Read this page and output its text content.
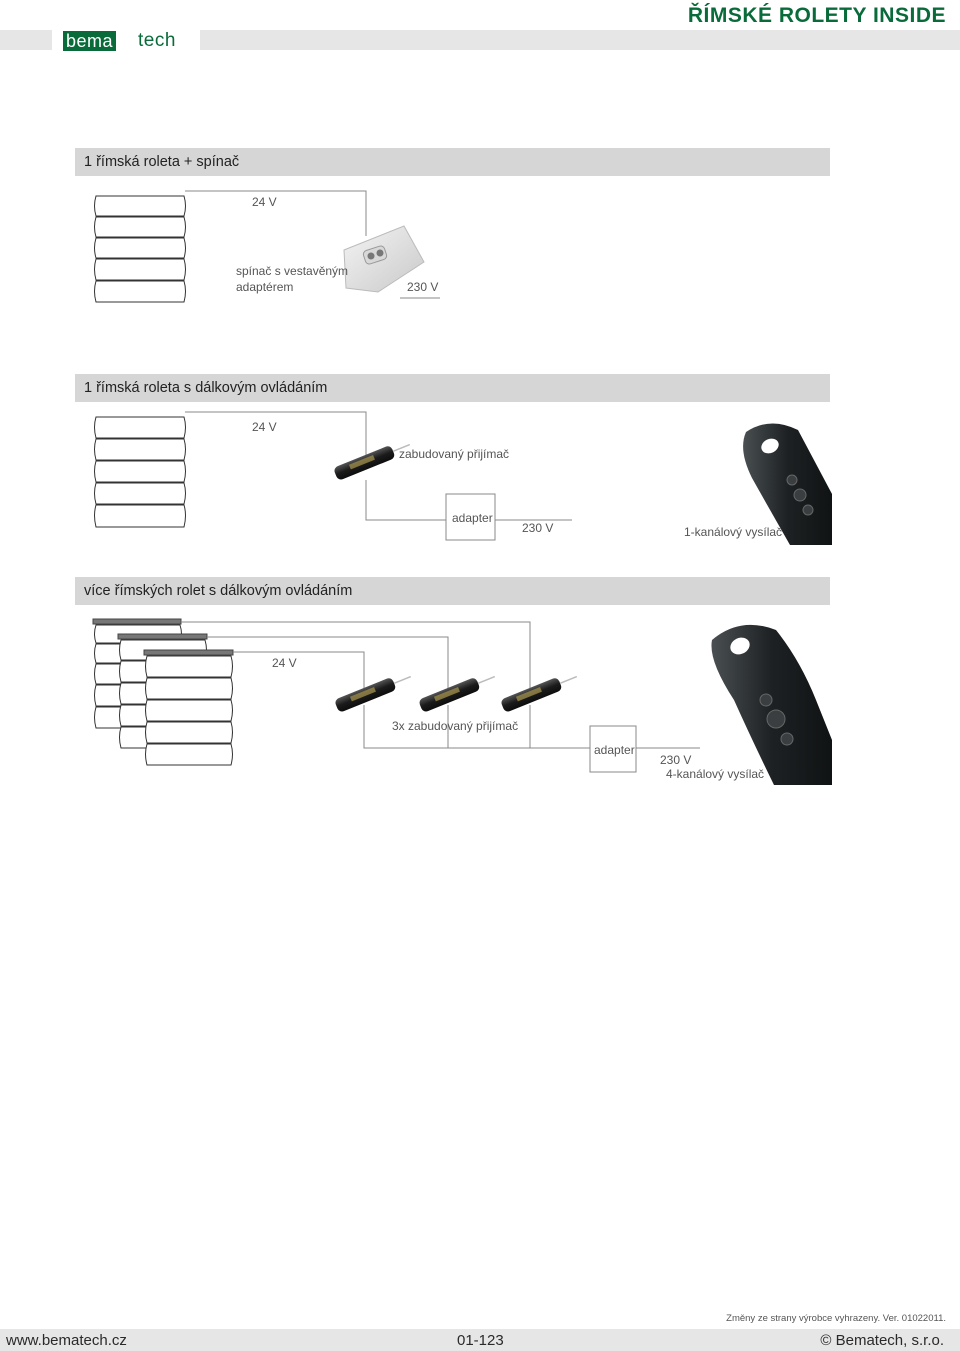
bema tech
ŘÍMSKÉ ROLETY INSIDE
1 římská roleta + spínač
1 římská roleta s dálkovým ovládáním
více římských rolet s dálkovým ovládáním
24 V
spínač s vestavěným
adaptérem	230 V
24 V
zabudovaný přijímač
adapter
230 V	1-kanálový vysílač
24 V
3x zabudovaný přijímač
adapter
230 V
4-kanálový vysílač
Změny ze strany výrobce vyhrazeny. Ver. 01022011.
www.bematech.cz	01-123	© Bematech, s.r.o.
